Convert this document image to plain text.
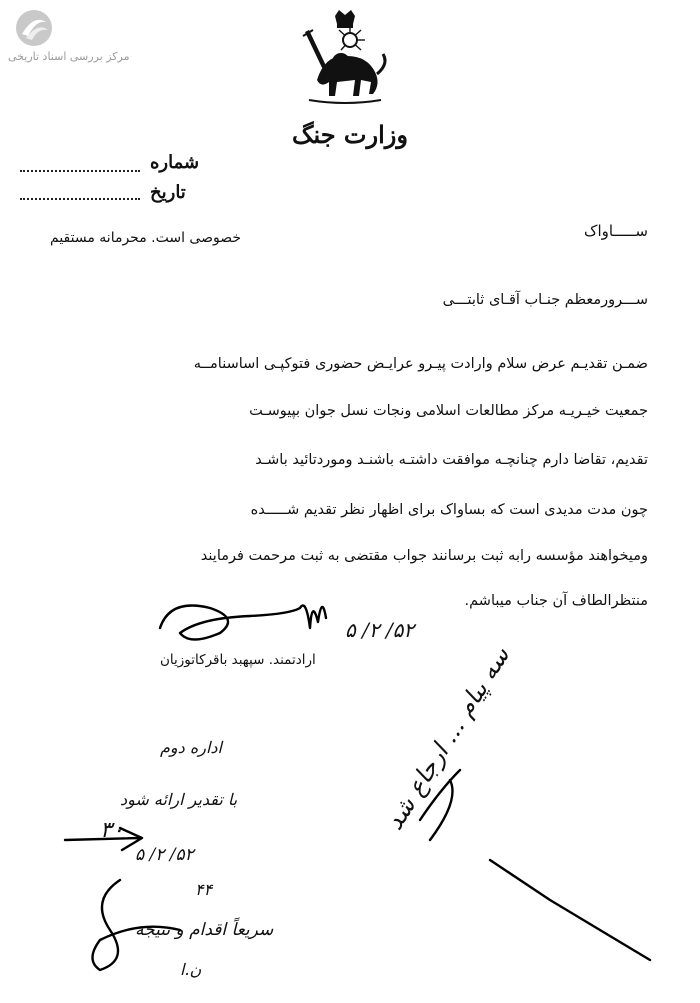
مرکز بررسی اسناد تاریخی
وزارت جنگ
شماره
تاریخ
ســـــاواک
خصوصی است. محرمانه مستقیم
ســـرورمعظم جنـاب آقـای ثابتـــی
ضمـن تقدیـم عرض سلام وارادت پیـرو عرایـض حضوری فتوکپـی اساسنامــه
جمعیت خیـریـه مرکز مطالعات اسلامی ونجات نسل جوان بپیوسـت
تقدیم، تقاضا دارم چنانچـه موافقت داشتـه باشنـد وموردتائید باشـد
چون مدت مدیدی است که بساواک برای اظهار نظر تقدیم شـــــده
ومیخواهند مؤسسه رابه ثبت برسانند جواب مقتضی به ثبت مرحمت فرمایند
منتظرالطاف آن جناب میباشم.
۵ /۲ /۵۲
ارادتمند. سپهبد باقرکاتوزیان
اداره دوم
با تقدیر ارائه شود
۳۰
۵ /۲ /۵۲
۴۴
سریعاً اقدام و نتیجه
ن.ا
سه پیام ... ارجاع شد
